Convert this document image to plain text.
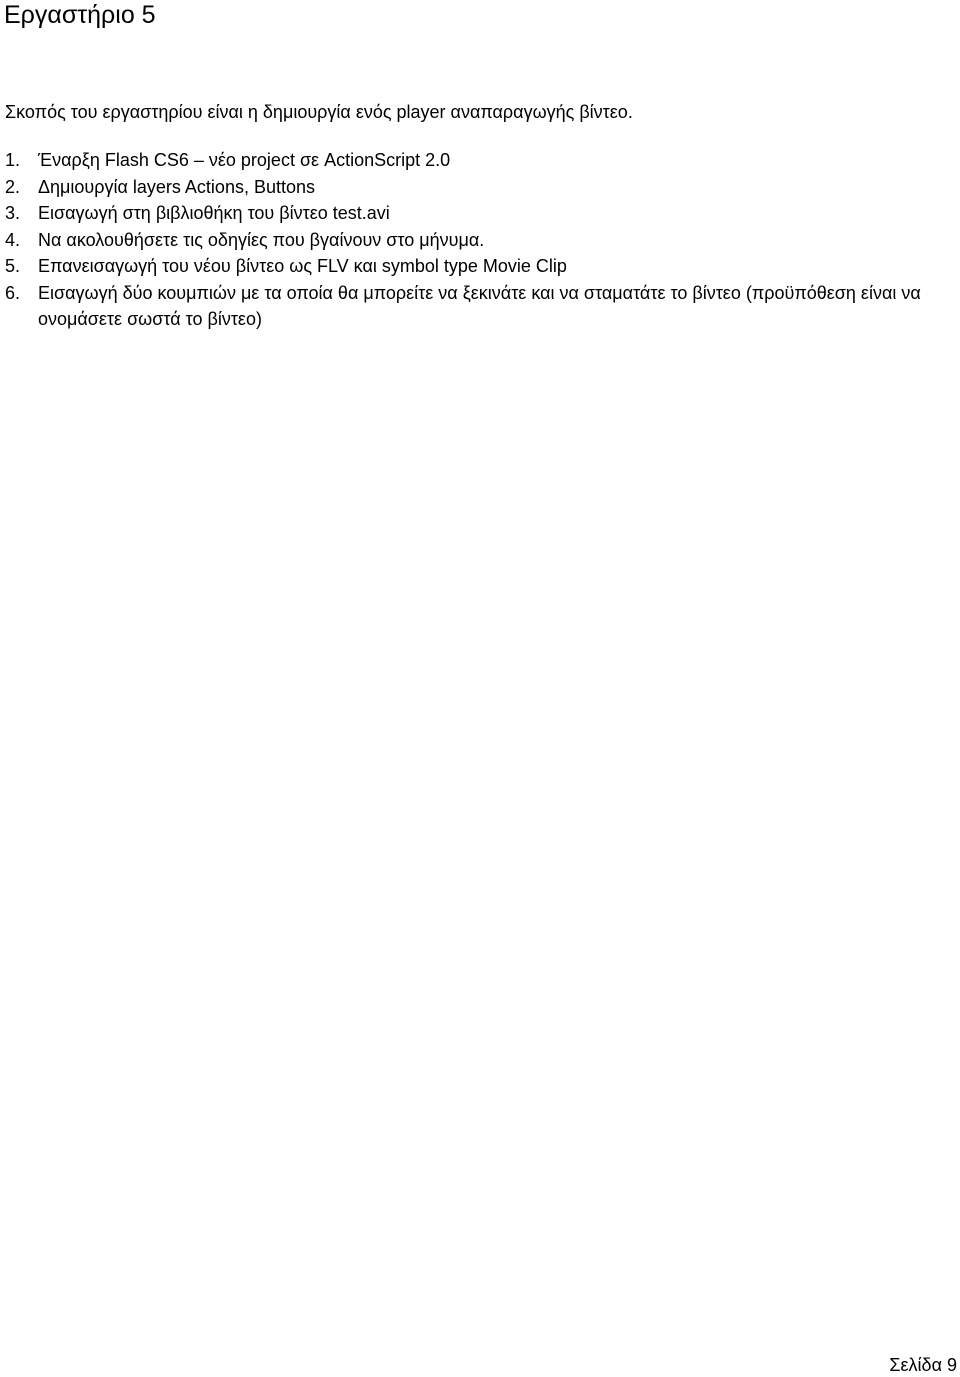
Εργαστήριο 5

Σκοπός του εργαστηρίου είναι η δημιουργία ενός player αναπαραγωγής βίντεο.

1. Έναρξη Flash CS6 – νέο project σε ActionScript 2.0
2. Δημιουργία layers Actions, Buttons
3. Εισαγωγή στη βιβλιοθήκη του βίντεο test.avi
4. Να ακολουθήσετε τις οδηγίες που βγαίνουν στο μήνυμα.
5. Επανεισαγωγή του νέου βίντεο ως FLV και symbol type Movie Clip
6. Εισαγωγή δύο κουμπιών με τα οποία θα μπορείτε να ξεκινάτε και να σταματάτε το βίντεο (προϋπόθεση είναι να ονομάσετε σωστά το βίντεο)
Σελίδα 9
